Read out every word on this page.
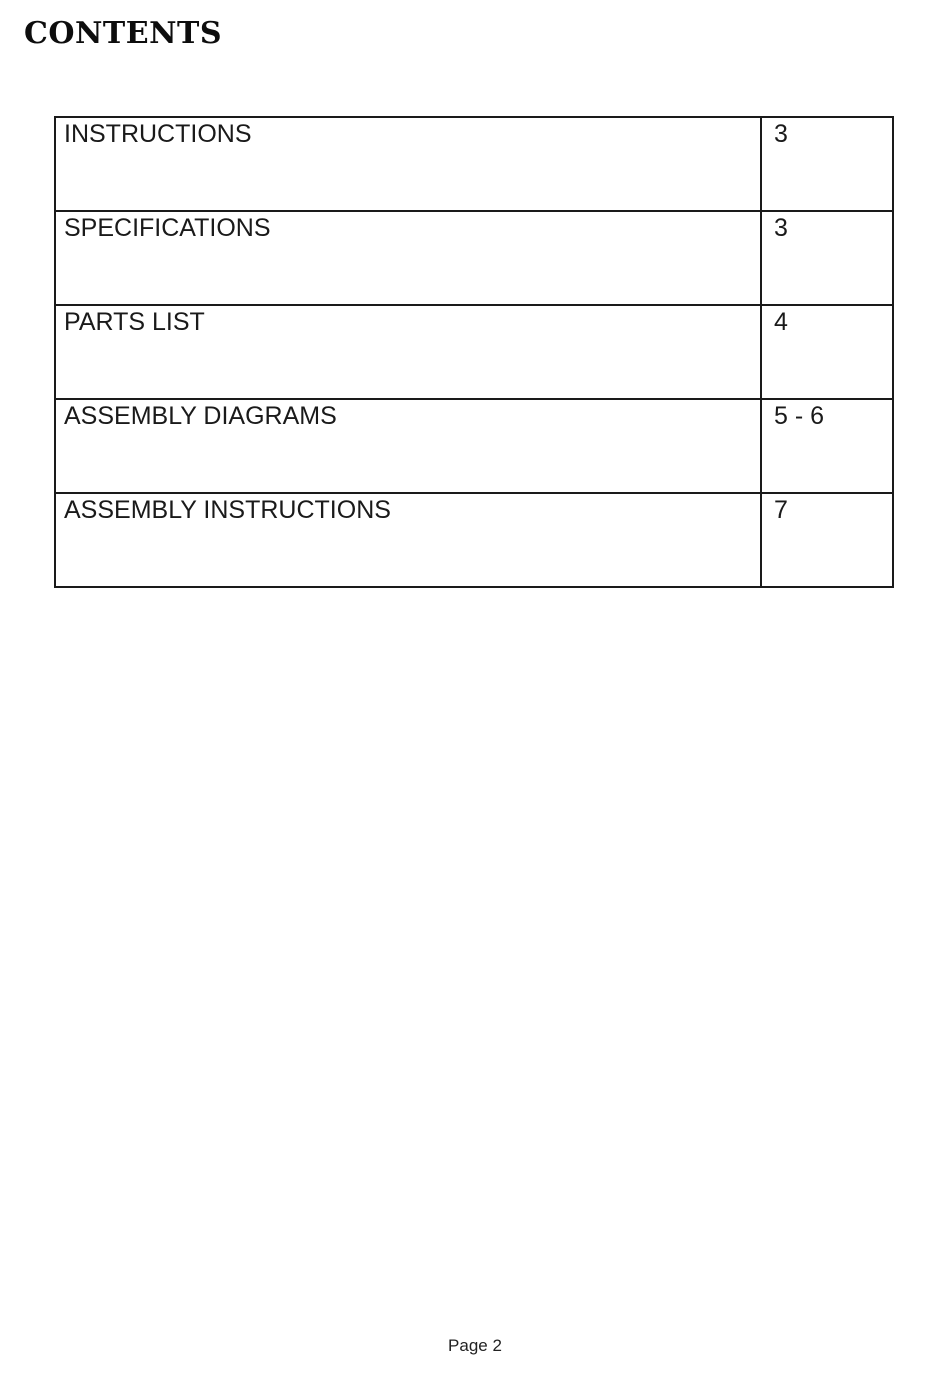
CONTENTS
INSTRUCTIONS	3
SPECIFICATIONS	3
PARTS LIST	4
ASSEMBLY DIAGRAMS	5 - 6
ASSEMBLY INSTRUCTIONS	7
Page 2
